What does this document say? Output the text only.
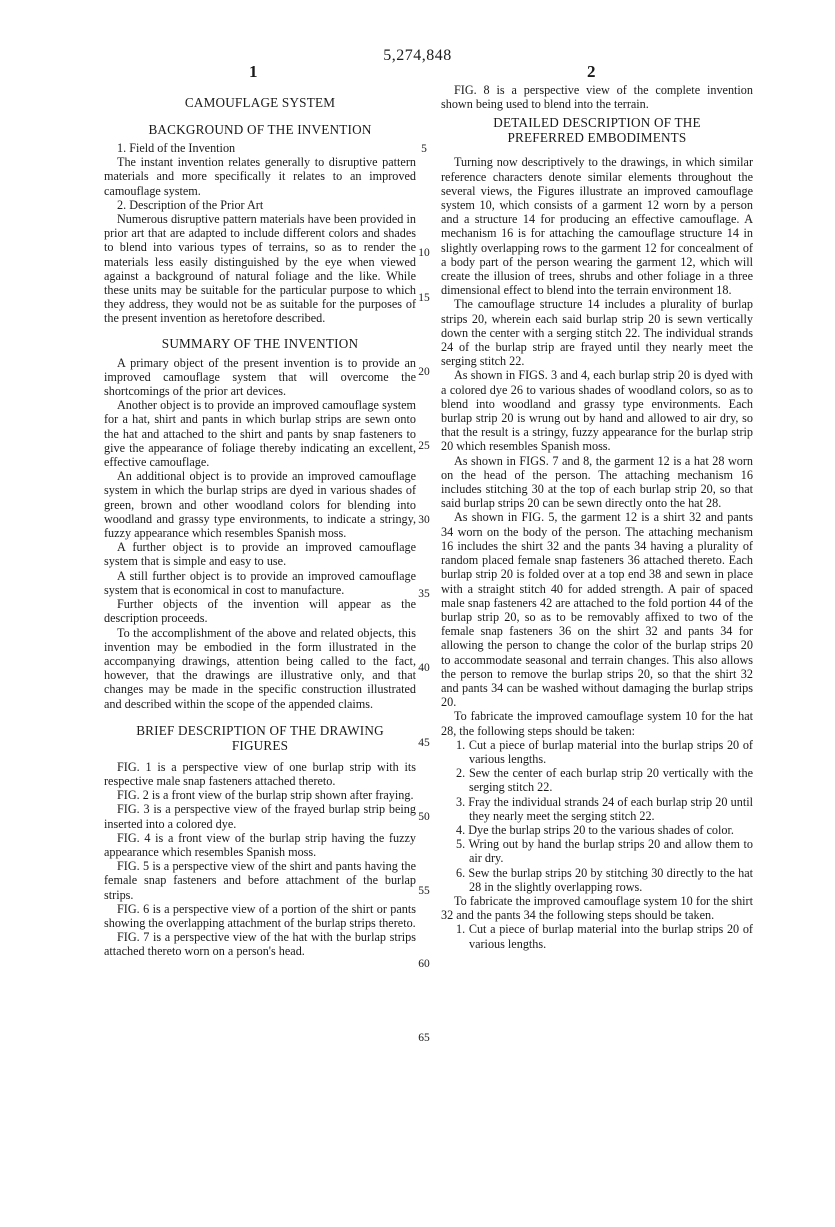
5,274,848
1	2

CAMOUFLAGE SYSTEM

BACKGROUND OF THE INVENTION

1. Field of the Invention

The instant invention relates generally to disruptive pattern materials and more specifically it relates to an improved camouflage system.

2. Description of the Prior Art

Numerous disruptive pattern materials have been provided in prior art that are adapted to include different colors and shades to blend into various types of terrains, so as to render the materials less easily distinguished by the eye when viewed against a background of natural foliage and the like. While these units may be suitable for the particular purpose to which they address, they would not be as suitable for the purposes of the present invention as heretofore described.

SUMMARY OF THE INVENTION

A primary object of the present invention is to provide an improved camouflage system that will overcome the shortcomings of the prior art devices.

Another object is to provide an improved camouflage system for a hat, shirt and pants in which burlap strips are sewn onto the hat and attached to the shirt and pants by snap fasteners to give the appearance of foliage thereby indicating an excellent, effective camouflage.

An additional object is to provide an improved camouflage system in which the burlap strips are dyed in various shades of green, brown and other woodland colors for blending into woodland and grassy type environments, to indicate a stringy, fuzzy appearance which resembles Spanish moss.

A further object is to provide an improved camouflage system that is simple and easy to use.

A still further object is to provide an improved camouflage system that is economical in cost to manufacture.

Further objects of the invention will appear as the description proceeds.

To the accomplishment of the above and related objects, this invention may be embodied in the form illustrated in the accompanying drawings, attention being called to the fact, however, that the drawings are illustrative only, and that changes may be made in the specific construction illustrated and described within the scope of the appended claims.

BRIEF DESCRIPTION OF THE DRAWING FIGURES

FIG. 1 is a perspective view of one burlap strip with its respective male snap fasteners attached thereto.

FIG. 2 is a front view of the burlap strip shown after fraying.

FIG. 3 is a perspective view of the frayed burlap strip being inserted into a colored dye.

FIG. 4 is a front view of the burlap strip having the fuzzy appearance which resembles Spanish moss.

FIG. 5 is a perspective view of the shirt and pants having the female snap fasteners and before attachment of the burlap strips.

FIG. 6 is a perspective view of a portion of the shirt or pants showing the overlapping attachment of the burlap strips thereto.

FIG. 7 is a perspective view of the hat with the burlap strips attached thereto worn on a person's head.

5
10
15
20
25
30
35
40
45
50
55
60
65

FIG. 8 is a perspective view of the complete invention shown being used to blend into the terrain.

DETAILED DESCRIPTION OF THE

PREFERRED EMBODIMENTS

Turning now descriptively to the drawings, in which similar reference characters denote similar elements throughout the several views, the Figures illustrate an improved camouflage system 10, which consists of a garment 12 worn by a person and a structure 14 for producing an effective camouflage. A mechanism 16 is for attaching the camouflage structure 14 in slightly overlapping rows to the garment 12 for concealment of a body part of the person wearing the garment 12, which will create the illusion of trees, shrubs and other foliage in a three dimensional effect to blend into the terrain environment 18.

The camouflage structure 14 includes a plurality of burlap strips 20, wherein each said burlap strip 20 is sewn vertically down the center with a serging stitch 22. The individual strands 24 of the burlap strip are frayed until they nearly meet the serging stitch 22.

As shown in FIGS. 3 and 4, each burlap strip 20 is dyed with a colored dye 26 to various shades of woodland colors, so as to blend into woodland and grassy type environments. Each burlap strip 20 is wrung out by hand and allowed to air dry, so that the result is a stringy, fuzzy appearance for the burlap strip 20 which resembles Spanish moss.

As shown in FIGS. 7 and 8, the garment 12 is a hat 28 worn on the head of the person. The attaching mechanism 16 includes stitching 30 at the top of each burlap strip 20, so that said burlap strips 20 can be sewn directly onto the hat 28.

As shown in FIG. 5, the garment 12 is a shirt 32 and pants 34 worn on the body of the person. The attaching mechanism 16 includes the shirt 32 and the pants 34 having a plurality of random placed female snap fasteners 36 attached thereto. Each burlap strip 20 is folded over at a top end 38 and sewn in place with a straight stitch 40 for added strength. A pair of spaced male snap fasteners 42 are attached to the fold portion 44 of the burlap strip 20, so as to be removably affixed to two of the female snap fasteners 36 on the shirt 32 and pants 34 for allowing the person to change the color of the burlap strips 20 to accommodate seasonal and terrain changes. This also allows the person to remove the burlap strips 20, so that the shirt 32 and pants 34 can be washed without damaging the burlap strips 20.

To fabricate the improved camouflage system 10 for the hat 28, the following steps should be taken:

1. Cut a piece of burlap material into the burlap strips 20 of various lengths.

2. Sew the center of each burlap strip 20 vertically with the serging stitch 22.

3. Fray the individual strands 24 of each burlap strip 20 until they nearly meet the serging stitch 22.

4. Dye the burlap strips 20 to the various shades of color.

5. Wring out by hand the burlap strips 20 and allow them to air dry.

6. Sew the burlap strips 20 by stitching 30 directly to the hat 28 in the slightly overlapping rows.

To fabricate the improved camouflage system 10 for the shirt 32 and the pants 34 the following steps should be taken.

1. Cut a piece of burlap material into the burlap strips 20 of various lengths.
